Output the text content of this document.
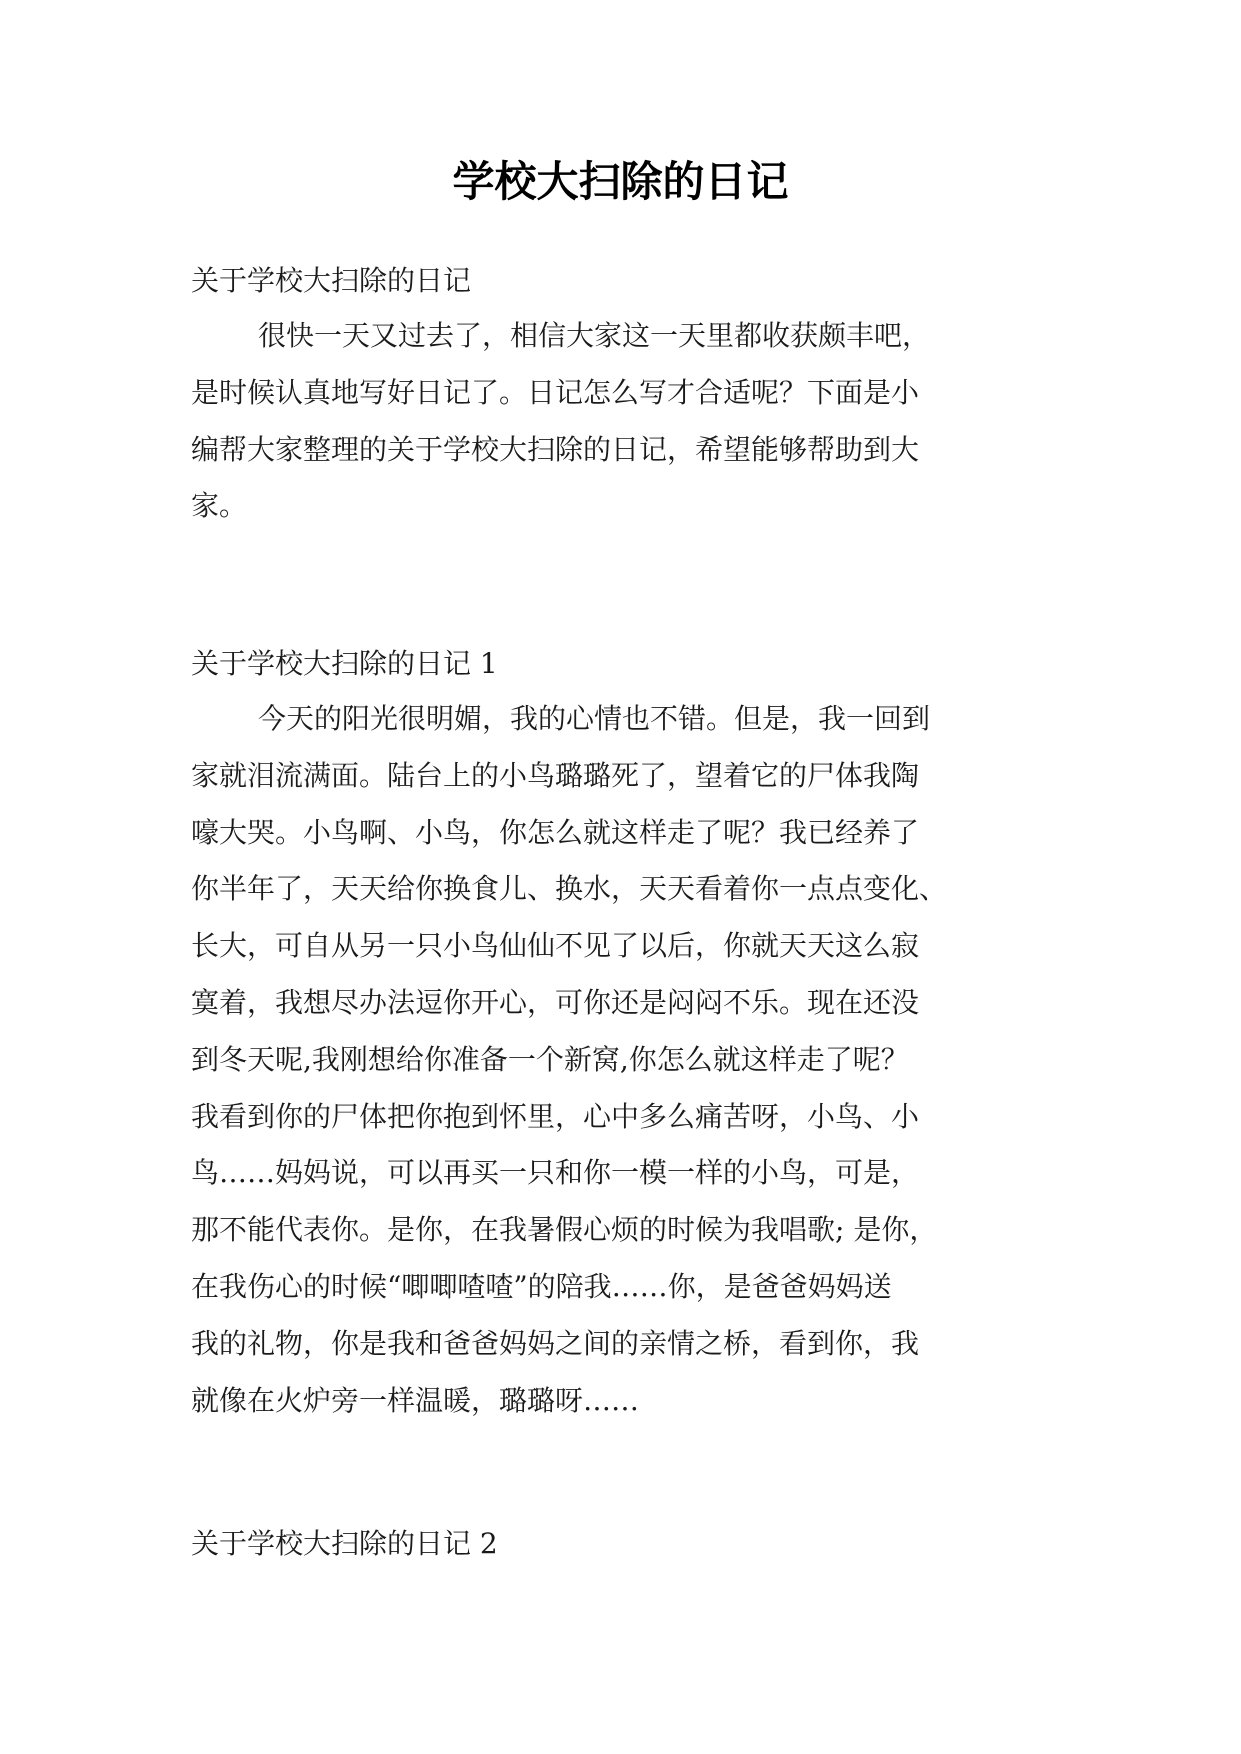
学校大扫除的日记
关于学校大扫除的日记
很快一天又过去了，相信大家这一天里都收获颇丰吧，
是时候认真地写好日记了。日记怎么写才合适呢？下面是小
编帮大家整理的关于学校大扫除的日记，希望能够帮助到大
家。
关于学校大扫除的日记 1
今天的阳光很明媚，我的心情也不错。但是，我一回到
家就泪流满面。陆台上的小鸟璐璐死了，望着它的尸体我陶
嚎大哭。小鸟啊、小鸟，你怎么就这样走了呢？我已经养了
你半年了，天天给你换食儿、换水，天天看着你一点点变化、
长大，可自从另一只小鸟仙仙不见了以后，你就天天这么寂
寞着，我想尽办法逗你开心，可你还是闷闷不乐。现在还没
到冬天呢,我刚想给你准备一个新窝,你怎么就这样走了呢？
我看到你的尸体把你抱到怀里，心中多么痛苦呀，小鸟、小
鸟……妈妈说，可以再买一只和你一模一样的小鸟，可是，
那不能代表你。是你，在我暑假心烦的时候为我唱歌; 是你，
在我伤心的时候“唧唧喳喳”的陪我……你，是爸爸妈妈送
我的礼物，你是我和爸爸妈妈之间的亲情之桥，看到你，我
就像在火炉旁一样温暖，璐璐呀……
关于学校大扫除的日记 2
